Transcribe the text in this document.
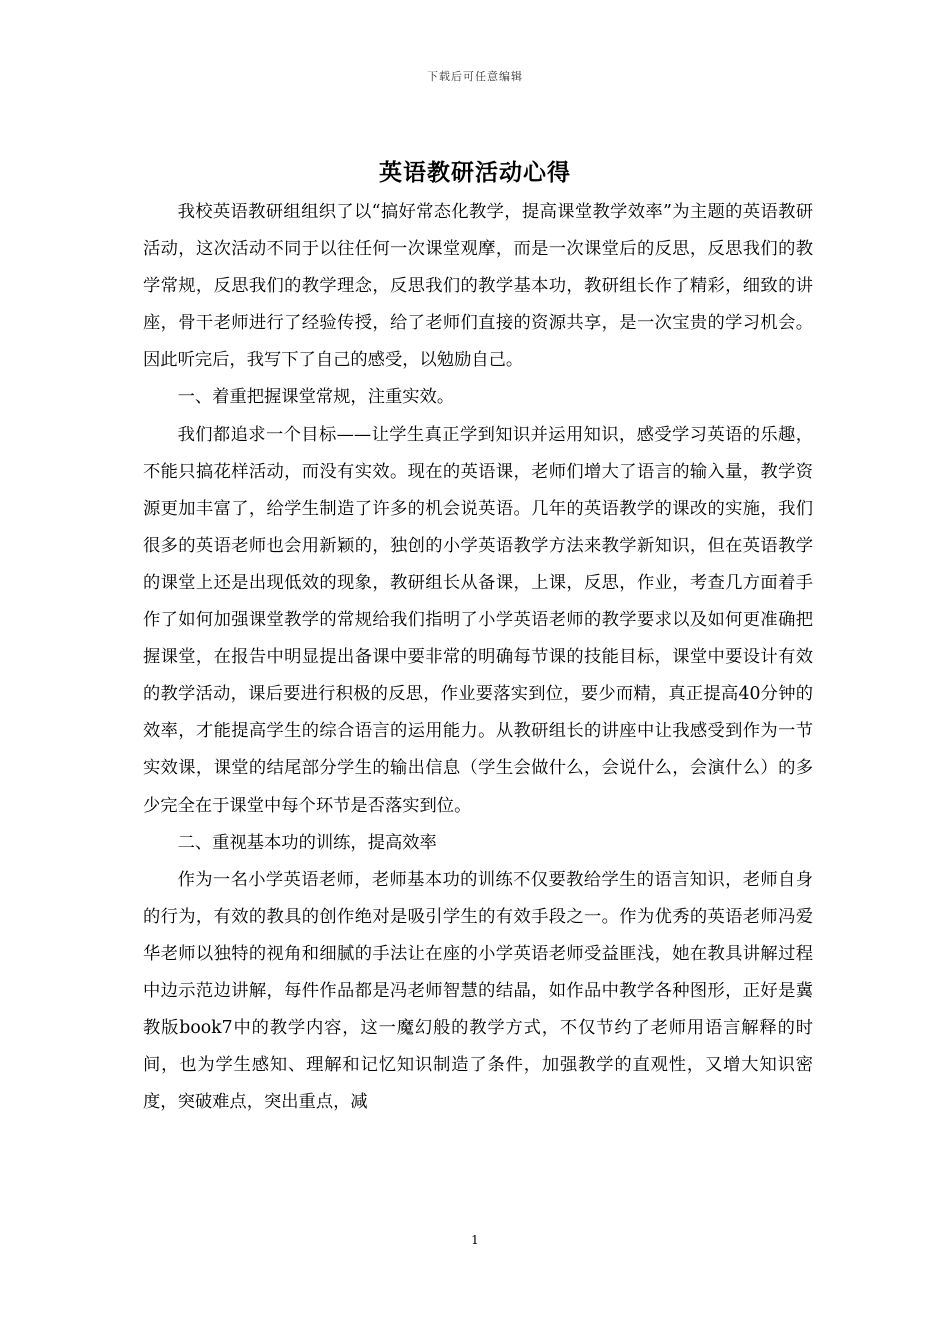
下载后可任意编辑
英语教研活动心得

我校英语教研组组织了以“搞好常态化教学，提高课堂教学效率”为主题的英语教研活动，这次活动不同于以往任何一次课堂观摩，而是一次课堂后的反思，反思我们的教学常规，反思我们的教学理念，反思我们的教学基本功，教研组长作了精彩，细致的讲座，骨干老师进行了经验传授，给了老师们直接的资源共享，是一次宝贵的学习机会。因此听完后，我写下了自己的感受，以勉励自己。

一、着重把握课堂常规，注重实效。

我们都追求一个目标——让学生真正学到知识并运用知识，感受学习英语的乐趣，不能只搞花样活动，而没有实效。现在的英语课，老师们增大了语言的输入量，教学资源更加丰富了，给学生制造了许多的机会说英语。几年的英语教学的课改的实施，我们很多的英语老师也会用新颖的，独创的小学英语教学方法来教学新知识，但在英语教学的课堂上还是出现低效的现象，教研组长从备课，上课，反思，作业，考查几方面着手作了如何加强课堂教学的常规给我们指明了小学英语老师的教学要求以及如何更准确把握课堂，在报告中明显提出备课中要非常的明确每节课的技能目标，课堂中要设计有效的教学活动，课后要进行积极的反思，作业要落实到位，要少而精，真正提高40分钟的效率，才能提高学生的综合语言的运用能力。从教研组长的讲座中让我感受到作为一节实效课，课堂的结尾部分学生的输出信息（学生会做什么，会说什么，会演什么）的多少完全在于课堂中每个环节是否落实到位。

二、重视基本功的训练，提高效率

作为一名小学英语老师，老师基本功的训练不仅要教给学生的语言知识，老师自身的行为，有效的教具的创作绝对是吸引学生的有效手段之一。作为优秀的英语老师冯爱华老师以独特的视角和细腻的手法让在座的小学英语老师受益匪浅，她在教具讲解过程中边示范边讲解，每件作品都是冯老师智慧的结晶，如作品中教学各种图形，正好是冀教版book7中的教学内容，这一魔幻般的教学方式，不仅节约了老师用语言解释的时间，也为学生感知、理解和记忆知识制造了条件，加强教学的直观性，又增大知识密度，突破难点，突出重点，减

1
